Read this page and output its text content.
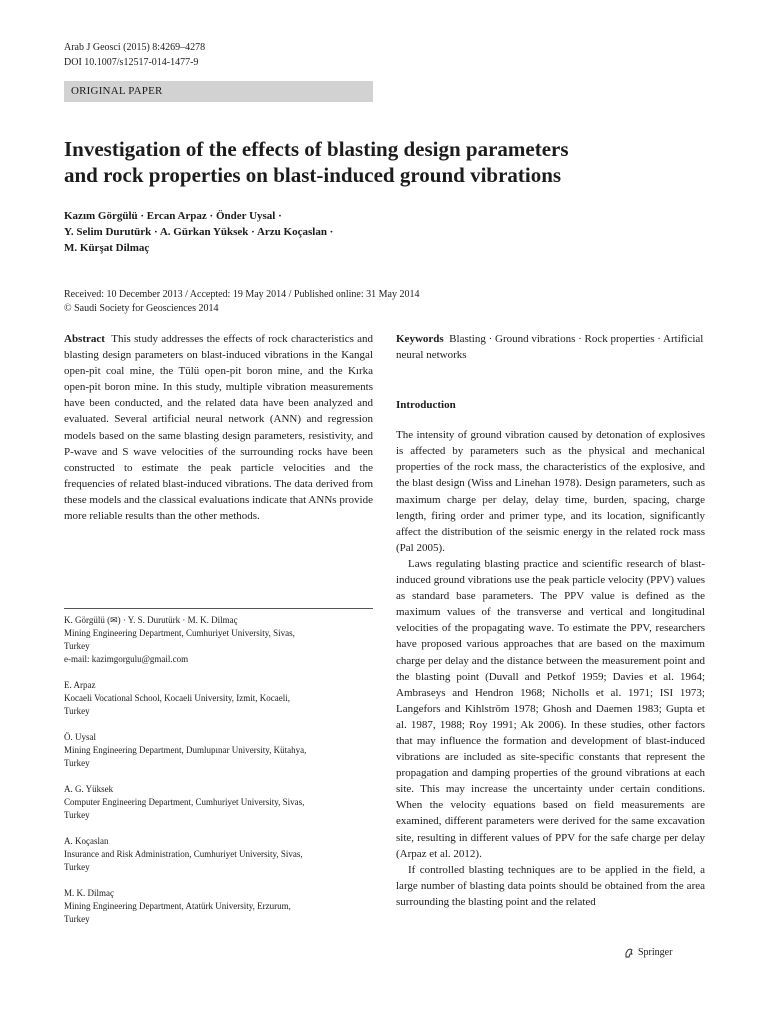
Arab J Geosci (2015) 8:4269–4278
DOI 10.1007/s12517-014-1477-9
ORIGINAL PAPER
Investigation of the effects of blasting design parameters
and rock properties on blast-induced ground vibrations
Kazım Görgülü · Ercan Arpaz · Önder Uysal ·
Y. Selim Durutürk · A. Gürkan Yüksek · Arzu Koçaslan ·
M. Kürşat Dilmaç
Received: 10 December 2013 / Accepted: 19 May 2014 / Published online: 31 May 2014
© Saudi Society for Geosciences 2014

Abstract This study addresses the effects of rock characteristics and blasting design parameters on blast-induced vibrations in the Kangal open-pit coal mine, the Tülü open-pit boron mine, and the Kırka open-pit boron mine. In this study, multiple vibration measurements have been conducted, and the related data have been analyzed and evaluated. Several artificial neural network (ANN) and regression models based on the same blasting design parameters, resistivity, and P-wave and S wave velocities of the surrounding rocks have been constructed to estimate the peak particle velocities and the frequencies of related blast-induced vibrations. The data derived from these models and the classical evaluations indicate that ANNs provide more reliable results than the other methods.

K. Görgülü (✉) · Y. S. Durutürk · M. K. Dilmaç
Mining Engineering Department, Cumhuriyet University, Sivas,
Turkey
e-mail: kazimgorgulu@gmail.com
E. Arpaz
Kocaeli Vocational School, Kocaeli University, Izmit, Kocaeli,
Turkey
Ö. Uysal
Mining Engineering Department, Dumlupınar University, Kütahya,
Turkey
A. G. Yüksek
Computer Engineering Department, Cumhuriyet University, Sivas,
Turkey
A. Koçaslan
Insurance and Risk Administration, Cumhuriyet University, Sivas,
Turkey
M. K. Dilmaç
Mining Engineering Department, Atatürk University, Erzurum,
Turkey

Keywords Blasting · Ground vibrations · Rock properties · Artificial neural networks

Introduction

The intensity of ground vibration caused by detonation of explosives is affected by parameters such as the physical and mechanical properties of the rock mass, the characteristics of the explosive, and the blast design (Wiss and Linehan 1978). Design parameters, such as maximum charge per delay, delay time, burden, spacing, charge length, firing order and primer type, and its location, significantly affect the distribution of the seismic energy in the related rock mass (Pal 2005).

Laws regulating blasting practice and scientific research of blast-induced ground vibrations use the peak particle velocity (PPV) values as standard base parameters. The PPV value is defined as the maximum values of the transverse and vertical and longitudinal velocities of the propagating wave. To estimate the PPV, researchers have proposed various approaches that are based on the maximum charge per delay and the distance between the measurement point and the blasting point (Duvall and Petkof 1959; Davies et al. 1964; Ambraseys and Hendron 1968; Nicholls et al. 1971; ISI 1973; Langefors and Kihlström 1978; Ghosh and Daemen 1983; Gupta et al. 1987, 1988; Roy 1991; Ak 2006). In these studies, other factors that may influence the formation and development of blast-induced vibrations are included as site-specific constants that represent the propagation and damping properties of the ground vibrations at each site. This may increase the uncertainty under certain conditions. When the velocity equations based on field measurements are examined, different parameters were derived for the same excavation site, resulting in different values of PPV for the safe charge per delay (Arpaz et al. 2012).

If controlled blasting techniques are to be applied in the field, a large number of blasting data points should be obtained from the area surrounding the blasting point and the related

Springer
